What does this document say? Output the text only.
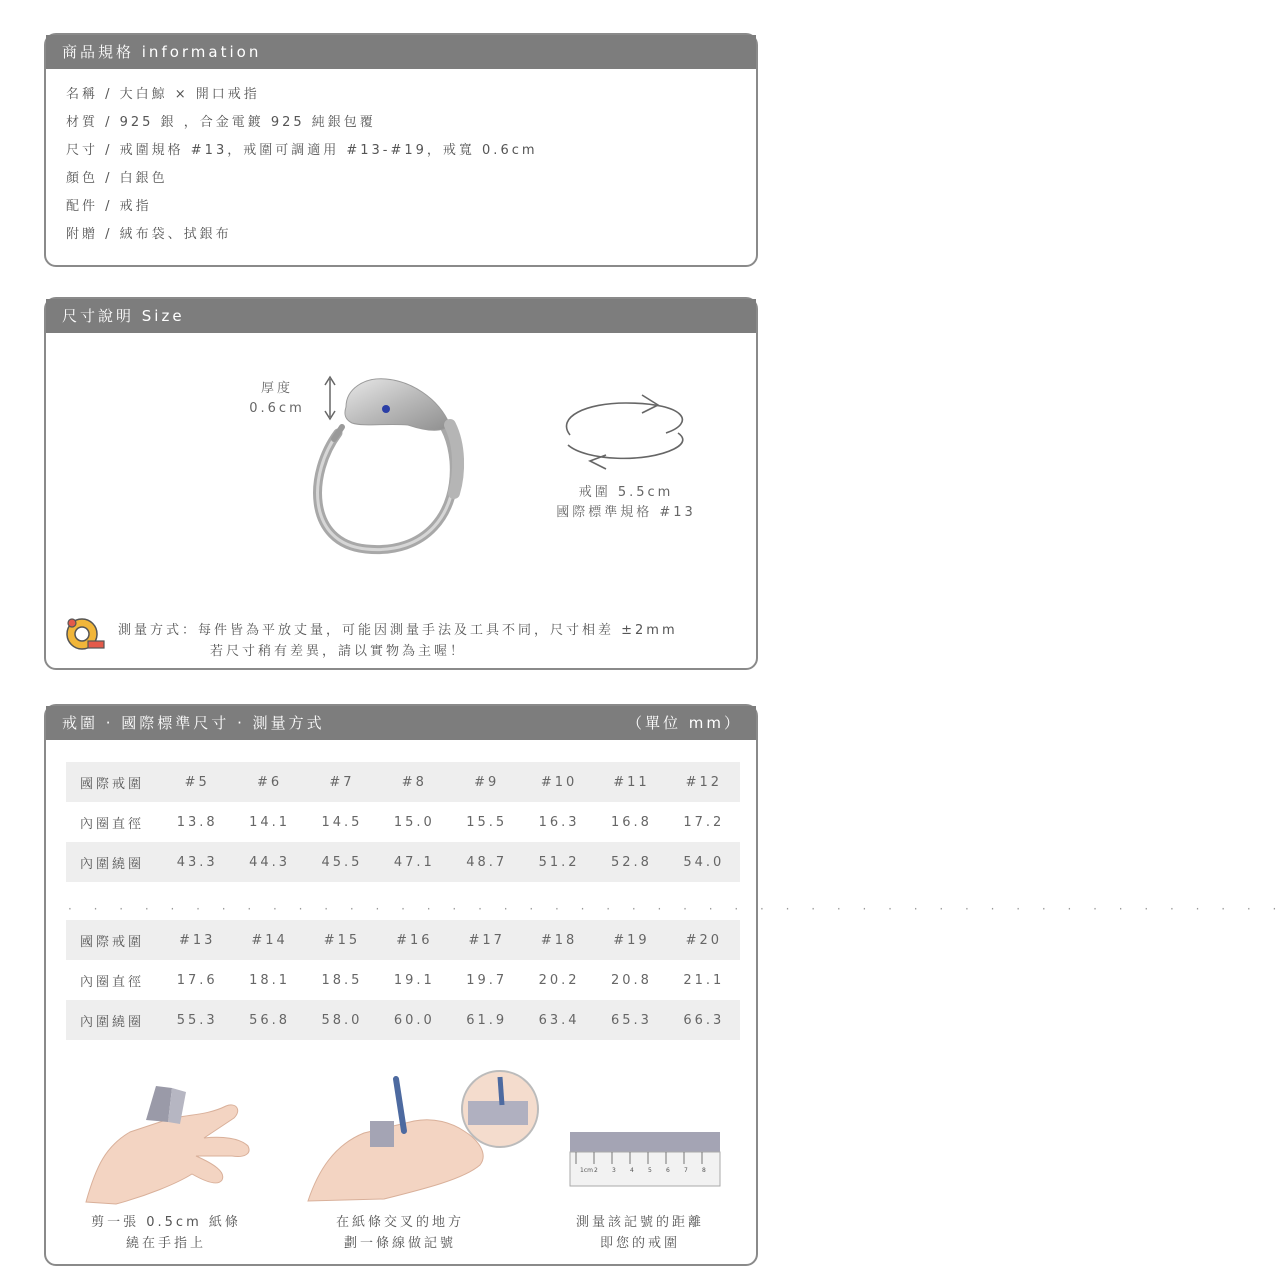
商品規格 information
名稱 / 大白鯨 × 開口戒指
材質 / 925 銀 ，合金電鍍 925 純銀包覆
尺寸 / 戒圍規格 #13，戒圍可調適用 #13-#19，戒寬 0.6cm
顏色 / 白銀色
配件 / 戒指
附贈 / 絨布袋、拭銀布
尺寸說明 Size
厚度
0.6cm
戒圍 5.5cm
國際標準規格 #13
測量方式：每件皆為平放丈量，可能因測量手法及工具不同，尺寸相差 ±2mm
若尺寸稍有差異，請以實物為主喔！
戒圍 · 國際標準尺寸 · 測量方式	（單位 mm）
國際戒圍	#5	#6	#7	#8	#9	#10	#11	#12
內圈直徑	13.8	14.1	14.5	15.0	15.5	16.3	16.8	17.2
內圍繞圈	43.3	44.3	45.5	47.1	48.7	51.2	52.8	54.0
· · · · · · · · · · · · · · · · · · · · · · · · · · · · · · · · · · · · · · · · · · · · · · · ·
國際戒圍	#13	#14	#15	#16	#17	#18	#19	#20
內圈直徑	17.6	18.1	18.5	19.1	19.7	20.2	20.8	21.1
內圍繞圈	55.3	56.8	58.0	60.0	61.9	63.4	65.3	66.3
1cm 2 3 4 5 6 7 8
剪一張 0.5cm 紙條
繞在手指上
在紙條交叉的地方
劃一條線做記號
測量該記號的距離
即您的戒圍
